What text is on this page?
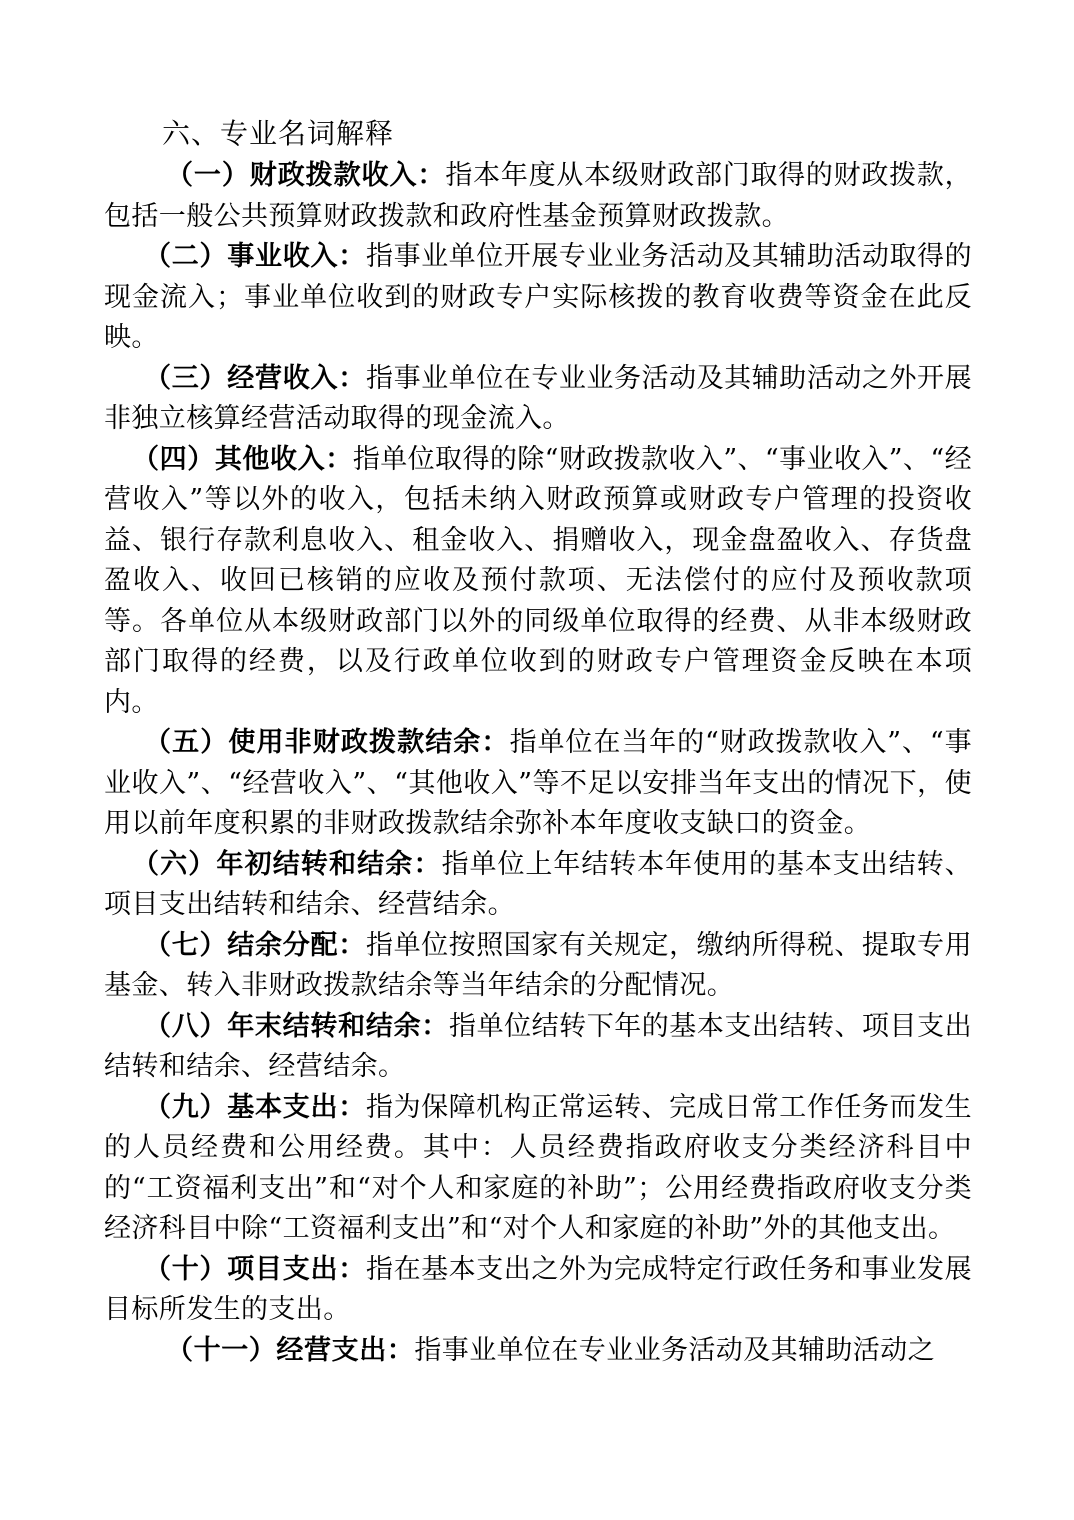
六、专业名词解释

（一）财政拨款收入：指本年度从本级财政部门取得的财政拨款，包括一般公共预算财政拨款和政府性基金预算财政拨款。

（二）事业收入：指事业单位开展专业业务活动及其辅助活动取得的现金流入；事业单位收到的财政专户实际核拨的教育收费等资金在此反映。

（三）经营收入：指事业单位在专业业务活动及其辅助活动之外开展非独立核算经营活动取得的现金流入。

（四）其他收入：指单位取得的除“财政拨款收入”、“事业收入”、“经营收入”等以外的收入，包括未纳入财政预算或财政专户管理的投资收益、银行存款利息收入、租金收入、捐赠收入，现金盘盈收入、存货盘盈收入、收回已核销的应收及预付款项、无法偿付的应付及预收款项等。各单位从本级财政部门以外的同级单位取得的经费、从非本级财政部门取得的经费，以及行政单位收到的财政专户管理资金反映在本项内。

（五）使用非财政拨款结余：指单位在当年的“财政拨款收入”、“事业收入”、“经营收入”、“其他收入”等不足以安排当年支出的情况下，使用以前年度积累的非财政拨款结余弥补本年度收支缺口的资金。

（六）年初结转和结余：指单位上年结转本年使用的基本支出结转、项目支出结转和结余、经营结余。

（七）结余分配：指单位按照国家有关规定，缴纳所得税、提取专用基金、转入非财政拨款结余等当年结余的分配情况。

（八）年末结转和结余：指单位结转下年的基本支出结转、项目支出结转和结余、经营结余。

（九）基本支出：指为保障机构正常运转、完成日常工作任务而发生的人员经费和公用经费。其中：人员经费指政府收支分类经济科目中的“工资福利支出”和“对个人和家庭的补助”；公用经费指政府收支分类经济科目中除“工资福利支出”和“对个人和家庭的补助”外的其他支出。

（十）项目支出：指在基本支出之外为完成特定行政任务和事业发展目标所发生的支出。

（十一）经营支出：指事业单位在专业业务活动及其辅助活动之
